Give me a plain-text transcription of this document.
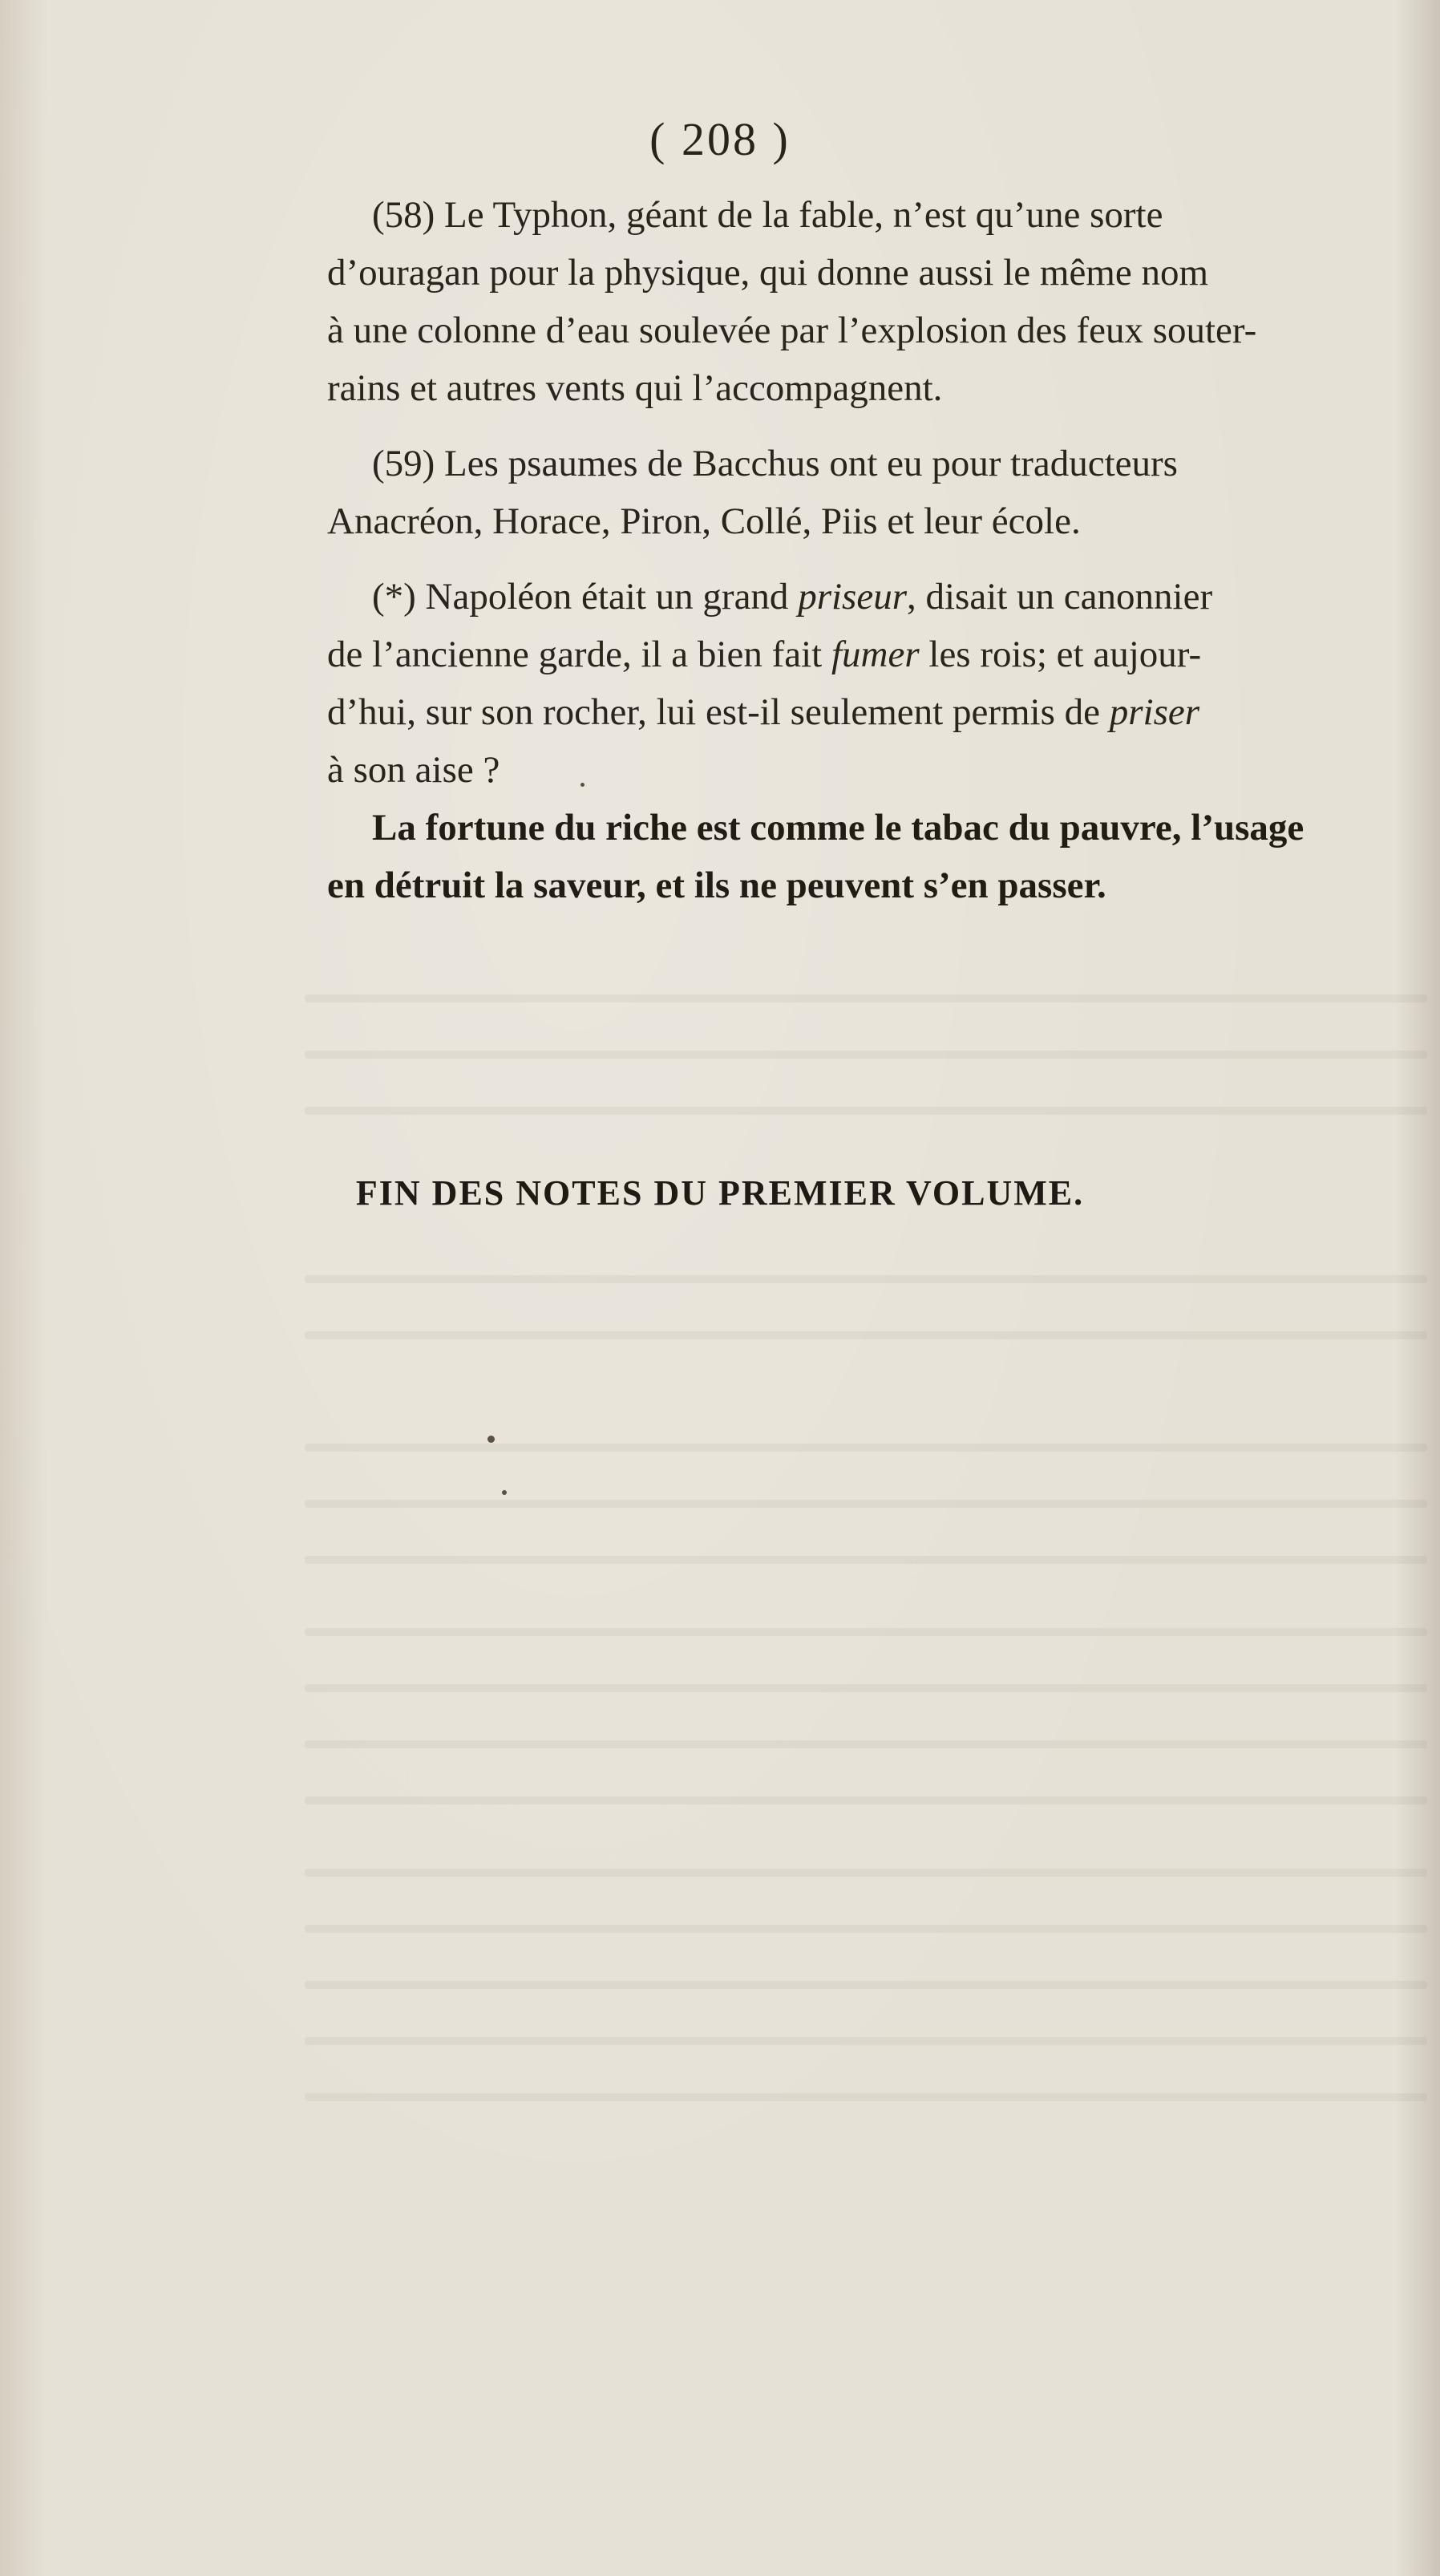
( 208 )
(58) Le Typhon, géant de la fable, n’est qu’une sorte
d’ouragan pour la physique, qui donne aussi le même nom
à une colonne d’eau soulevée par l’explosion des feux souter-
rains et autres vents qui l’accompagnent.
(59) Les psaumes de Bacchus ont eu pour traducteurs
Anacréon, Horace, Piron, Collé, Piis et leur école.
(*) Napoléon était un grand priseur, disait un canonnier
de l’ancienne garde, il a bien fait fumer les rois; et aujour-
d’hui, sur son rocher, lui est-il seulement permis de priser
à son aise ?
La fortune du riche est comme le tabac du pauvre, l’usage
en détruit la saveur, et ils ne peuvent s’en passer.
FIN DES NOTES DU PREMIER VOLUME.
